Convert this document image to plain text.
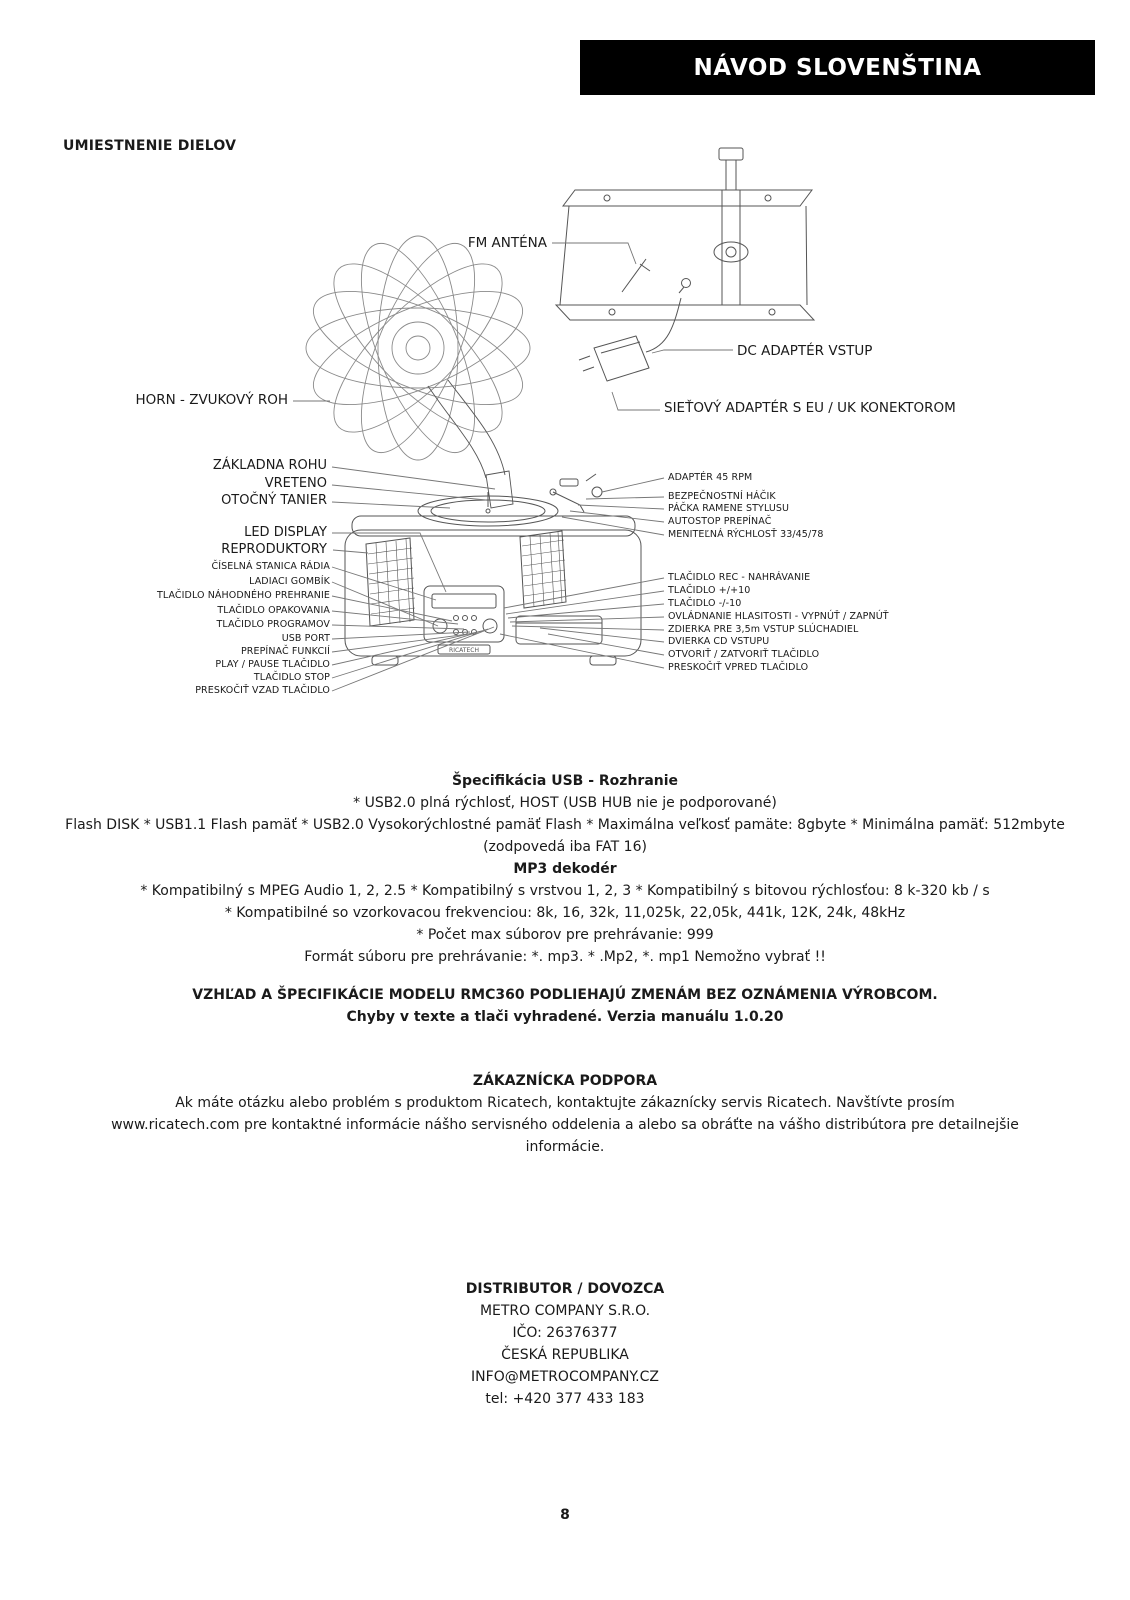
NÁVOD SLOVENŠTINA
UMIESTNENIE DIELOV
RICATECH
FM ANTÉNA
HORN - ZVUKOVÝ ROH
ZÁKLADNA ROHU
VRETENO
OTOČNÝ TANIER
LED DISPLAY
REPRODUKTORY
ČÍSELNÁ STANICA RÁDIA
LADIACI GOMBÍK
TLAČIDLO NÁHODNÉHO PREHRANIE
TLAČIDLO OPAKOVANIA
TLAČIDLO PROGRAMOV
USB PORT
PREPÍNAČ FUNKCIÍ
PLAY / PAUSE TLAČIDLO
TLAČIDLO STOP
PRESKOČIŤ VZAD TLAČIDLO
DC ADAPTÉR VSTUP
SIEŤOVÝ ADAPTÉR S EU / UK KONEKTOROM
ADAPTÉR 45 RPM
BEZPEČNOSTNÍ HÁČIK
PÁČKA RAMENE STYLUSU
AUTOSTOP PREPÍNAČ
MENITEĽNÁ RÝCHLOSŤ 33/45/78
TLAČIDLO REC - NAHRÁVANIE
TLAČIDLO +/+10
TLAČIDLO -/-10
OVLÁDNANIE HLASITOSTI - VYPNÚŤ / ZAPNÚŤ
ZDIERKA PRE 3,5m VSTUP SLÚCHADIEL
DVIERKA CD VSTUPU
OTVORIŤ / ZATVORIŤ TLAČIDLO
PRESKOČIŤ VPRED TLAČIDLO
Špecifikácia USB - Rozhranie
* USB2.0 plná rýchlosť, HOST (USB HUB nie je podporované)
Flash DISK * USB1.1 Flash pamäť * USB2.0 Vysokorýchlostné pamäť Flash * Maximálna veľkosť pamäte: 8gbyte * Minimálna pamäť: 512mbyte (zodpovedá iba FAT 16)
MP3 dekodér
* Kompatibilný s MPEG Audio 1, 2, 2.5 * Kompatibilný s vrstvou 1, 2, 3 * Kompatibilný s bitovou rýchlosťou: 8 k-320 kb / s
* Kompatibilné so vzorkovacou frekvenciou: 8k, 16, 32k, 11,025k, 22,05k, 441k, 12K, 24k, 48kHz
* Počet max súborov pre prehrávanie: 999
Formát súboru pre prehrávanie: *. mp3. * .Mp2, *. mp1 Nemožno vybrať !!
VZHĽAD A ŠPECIFIKÁCIE MODELU RMC360 PODLIEHAJÚ ZMENÁM BEZ OZNÁMENIA VÝROBCOM.
Chyby v texte a tlači vyhradené. Verzia manuálu 1.0.20
ZÁKAZNÍCKA PODPORA
Ak máte otázku alebo problém s produktom Ricatech, kontaktujte zákaznícky servis Ricatech. Navštívte prosím www.ricatech.com pre kontaktné informácie nášho servisného oddelenia a alebo sa obráťte na vášho distribútora pre detailnejšie informácie.
DISTRIBUTOR / DOVOZCA
METRO COMPANY S.R.O.
IČO: 26376377
ČESKÁ REPUBLIKA
INFO@METROCOMPANY.CZ
tel: +420 377 433 183
8
